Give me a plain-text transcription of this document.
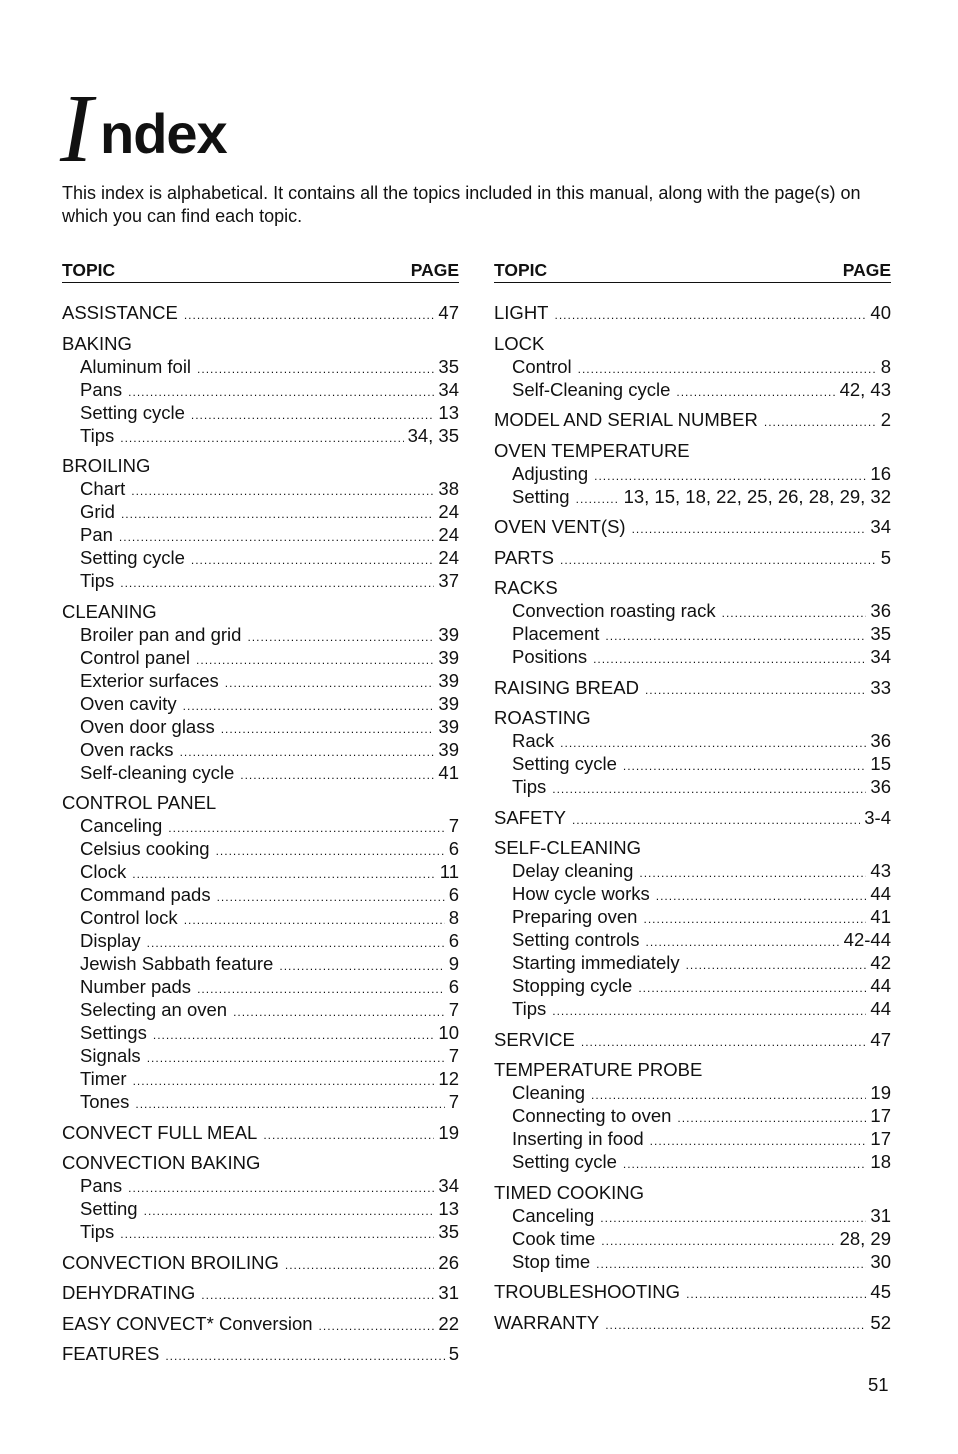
I ndex
This index is alphabetical. It contains all the topics included in this manual, along with the page(s) on which you can find each topic.
TOPIC	PAGE
ASSISTANCE .....	47
BAKING
Aluminum foil .....	35
Pans .....	34
Setting cycle .....	13
Tips .....	34, 35
BROILING
Chart .....	38
Grid .....	24
Pan .....	24
Setting cycle .....	24
Tips .....	37
CLEANING
Broiler pan and grid .....	39
Control panel .....	39
Exterior surfaces .....	39
Oven cavity .....	39
Oven door glass .....	39
Oven racks .....	39
Self-cleaning cycle .....	41
CONTROL PANEL
Canceling .....	7
Celsius cooking .....	6
Clock .....	11
Command pads .....	6
Control lock .....	8
Display .....	6
Jewish Sabbath feature .....	9
Number pads .....	6
Selecting an oven .....	7
Settings .....	10
Signals .....	7
Timer .....	12
Tones .....	7
CONVECT FULL MEAL .....	19
CONVECTION BAKING
Pans .....	34
Setting .....	13
Tips .....	35
CONVECTION BROILING .....	26
DEHYDRATING .....	31
EASY CONVECT* Conversion .....	22
FEATURES .....	5
TOPIC	PAGE
LIGHT .....	40
LOCK
Control .....	8
Self-Cleaning cycle .....	42, 43
MODEL AND SERIAL NUMBER .....	2
OVEN TEMPERATURE
Adjusting .....	16
Setting .....	13, 15, 18, 22, 25, 26, 28, 29, 32
OVEN VENT(S) .....	34
PARTS .....	5
RACKS
Convection roasting rack .....	36
Placement .....	35
Positions .....	34
RAISING BREAD .....	33
ROASTING
Rack .....	36
Setting cycle .....	15
Tips .....	36
SAFETY .....	3-4
SELF-CLEANING
Delay cleaning .....	43
How cycle works .....	44
Preparing oven .....	41
Setting controls .....	42-44
Starting immediately .....	42
Stopping cycle .....	44
Tips .....	44
SERVICE .....	47
TEMPERATURE PROBE
Cleaning .....	19
Connecting to oven .....	17
Inserting in food .....	17
Setting cycle .....	18
TIMED COOKING
Canceling .....	31
Cook time .....	28, 29
Stop time .....	30
TROUBLESHOOTING .....	45
WARRANTY .....	52
51
